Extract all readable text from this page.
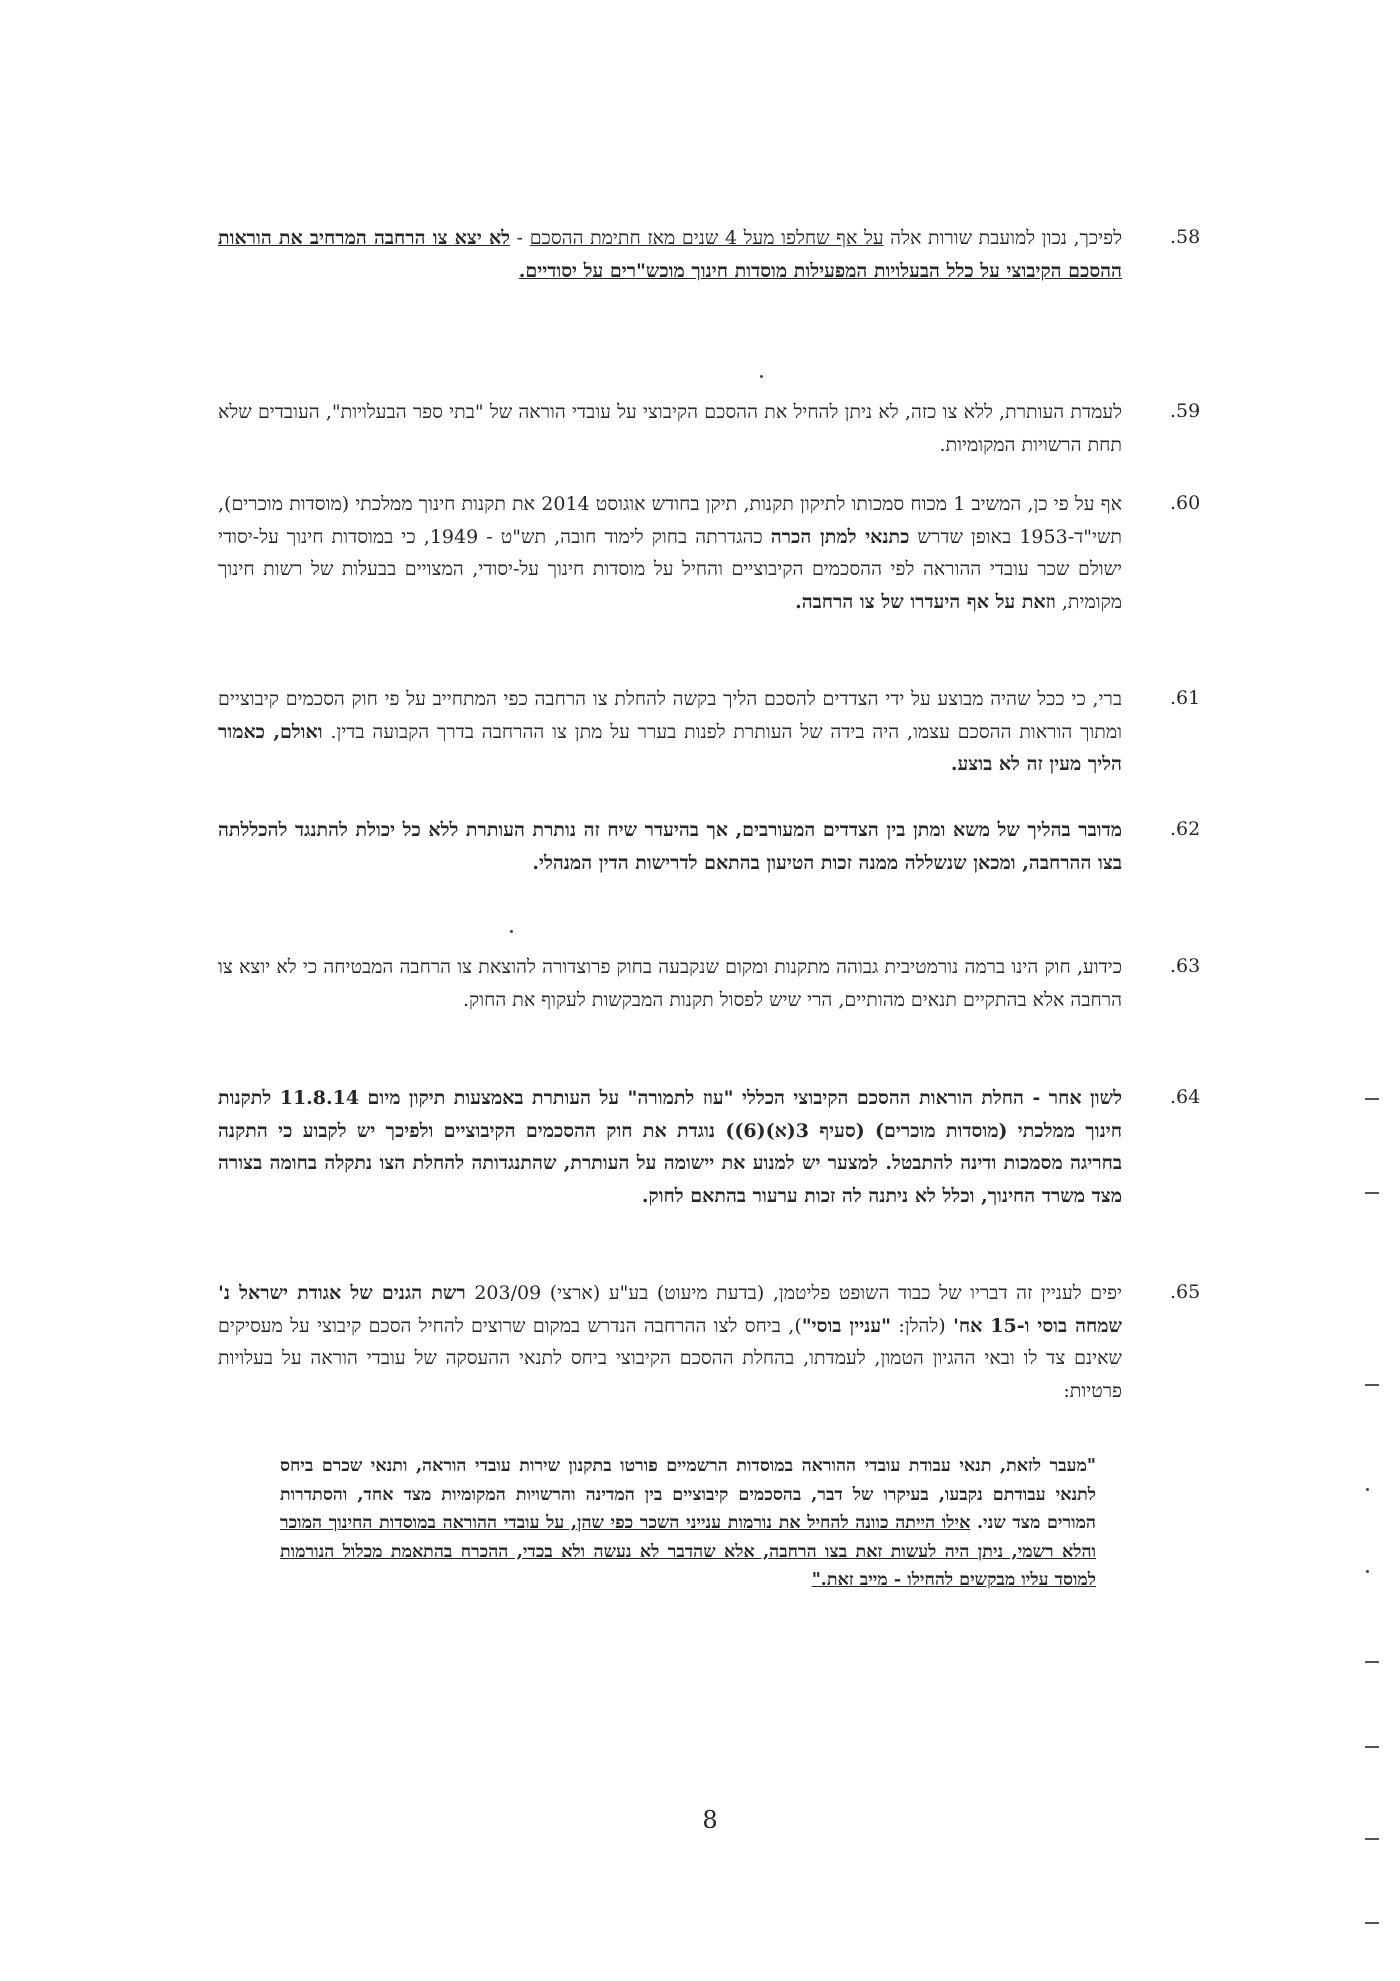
.58
לפיכך, נכון למועבת שורות אלה על אף שחלפו מעל 4 שנים מאז חתימת ההסכם - לא יצא צו הרחבה המרחיב את הוראות ההסכם הקיבוצי על כלל הבעלויות המפעילות מוסדות חינוך מוכש"רים על יסודיים.
.59
לעמדת העותרת, ללא צו כזה, לא ניתן להחיל את ההסכם הקיבוצי על עובדי הוראה של "בתי ספר הבעלויות", העובדים שלא תחת הרשויות המקומיות.
.60
אף על פי כן, המשיב 1 מכוח סמכותו לתיקון תקנות, תיקן בחודש אוגוסט 2014 את תקנות חינוך ממלכתי (מוסדות מוכרים), תשי"ד-1953 באופן שדרש כתנאי למתן הכרה כהגדרתה בחוק לימוד חובה, תש"ט - 1949, כי במוסדות חינוך על-יסודי ישולם שכר עובדי ההוראה לפי ההסכמים הקיבוציים והחיל על מוסדות חינוך על-יסודי, המצויים בבעלות של רשות חינוך מקומית, וזאת על אף היעדרו של צו הרחבה.
.61
ברי, כי ככל שהיה מבוצע על ידי הצדדים להסכם הליך בקשה להחלת צו הרחבה כפי המתחייב על פי חוק הסכמים קיבוציים ומתוך הוראות ההסכם עצמו, היה בידה של העותרת לפנות בערר על מתן צו ההרחבה בדרך הקבועה בדין. ואולם, כאמור הליך מעין זה לא בוצע.
.62
מדובר בהליך של משא ומתן בין הצדדים המעורבים, אך בהיעדר שיח זה נותרת העותרת ללא כל יכולת להתנגד להכללתה בצו ההרחבה, ומכאן שנשללה ממנה זכות הטיעון בהתאם לדרישות הדין המנהלי.
.63
כידוע, חוק הינו ברמה נורמטיבית גבוהה מתקנות ומקום שנקבעה בחוק פרוצדורה להוצאת צו הרחבה המבטיחה כי לא יוצא צו הרחבה אלא בהתקיים תנאים מהותיים, הרי שיש לפסול תקנות המבקשות לעקוף את החוק.
.64
לשון אחר - החלת הוראות ההסכם הקיבוצי הכללי "עוז לתמורה" על העותרת באמצעות תיקון מיום 11.8.14 לתקנות חינוך ממלכתי (מוסדות מוכרים) (סעיף 3(א)(6)) נוגדת את חוק ההסכמים הקיבוציים ולפיכך יש לקבוע כי התקנה בחריגה מסמכות ודינה להתבטל. למצער יש למנוע את יישומה על העותרת, שהתנגדותה להחלת הצו נתקלה בחומה בצורה מצד משרד החינוך, וכלל לא ניתנה לה זכות ערעור בהתאם לחוק.
.65
יפים לעניין זה דבריו של כבוד השופט פליטמן, (בדעת מיעוט) בע"ע (ארצי) 203/09 רשת הגנים של אגודת ישראל נ' שמחה בוסי ו-15 אח' (להלן: "עניין בוסי"), ביחס לצו ההרחבה הנדרש במקום שרוצים להחיל הסכם קיבוצי על מעסיקים שאינם צד לו ובאי ההגיון הטמון, לעמדתו, בהחלת ההסכם הקיבוצי ביחס לתנאי ההעסקה של עובדי הוראה על בעלויות פרטיות:
"מעבר לזאת, תנאי עבודת עובדי ההוראה במוסדות הרשמיים פורטו בתקנון שירות עובדי הוראה, ותנאי שכרם ביחס לתנאי עבודתם נקבעו, בעיקרו של דבר, בהסכמים קיבוציים בין המדינה והרשויות המקומיות מצד אחד, והסתדרות המורים מצד שני. אילו הייתה כוונה להחיל את נורמות ענייני השכר כפי שהן, על עובדי ההוראה במוסדות החינוך המוכר והלא רשמי, ניתן היה לעשות זאת בצו הרחבה, אלא שהדבר לא נעשה ולא בכדי, ההכרח בהתאמת מכלול הנורמות למוסד עליו מבקשים להחילו - מייב זאת."
8
